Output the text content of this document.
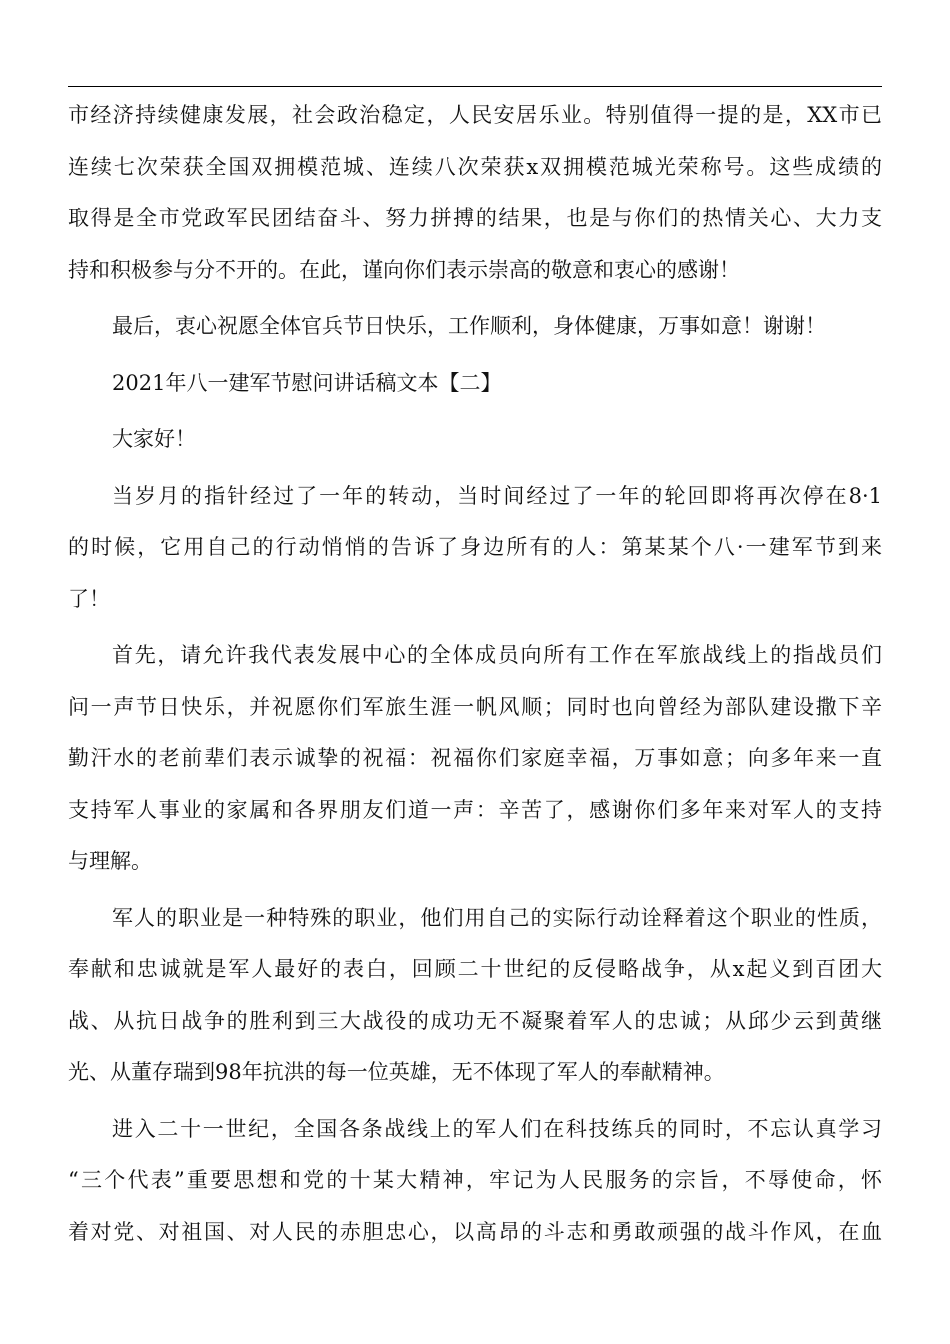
市经济持续健康发展，社会政治稳定，人民安居乐业。特别值得一提的是，XX市已
连续七次荣获全国双拥模范城、连续八次荣获x双拥模范城光荣称号。这些成绩的
取得是全市党政军民团结奋斗、努力拼搏的结果，也是与你们的热情关心、大力支
持和积极参与分不开的。在此，谨向你们表示崇高的敬意和衷心的感谢！
最后，衷心祝愿全体官兵节日快乐，工作顺利，身体健康，万事如意！谢谢！
2021年八一建军节慰问讲话稿文本【二】
大家好！
当岁月的指针经过了一年的转动，当时间经过了一年的轮回即将再次停在8·1
的时候，它用自己的行动悄悄的告诉了身边所有的人：第某某个八·一建军节到来
了！
首先，请允许我代表发展中心的全体成员向所有工作在军旅战线上的指战员们
问一声节日快乐，并祝愿你们军旅生涯一帆风顺；同时也向曾经为部队建设撒下辛
勤汗水的老前辈们表示诚挚的祝福：祝福你们家庭幸福，万事如意；向多年来一直
支持军人事业的家属和各界朋友们道一声：辛苦了，感谢你们多年来对军人的支持
与理解。
军人的职业是一种特殊的职业，他们用自己的实际行动诠释着这个职业的性质，
奉献和忠诚就是军人最好的表白，回顾二十世纪的反侵略战争，从x起义到百团大
战、从抗日战争的胜利到三大战役的成功无不凝聚着军人的忠诚；从邱少云到黄继
光、从董存瑞到98年抗洪的每一位英雄，无不体现了军人的奉献精神。
进入二十一世纪，全国各条战线上的军人们在科技练兵的同时，不忘认真学习
“三个代表”重要思想和党的十某大精神，牢记为人民服务的宗旨，不辱使命，怀
着对党、对祖国、对人民的赤胆忠心，以高昂的斗志和勇敢顽强的战斗作风，在血
